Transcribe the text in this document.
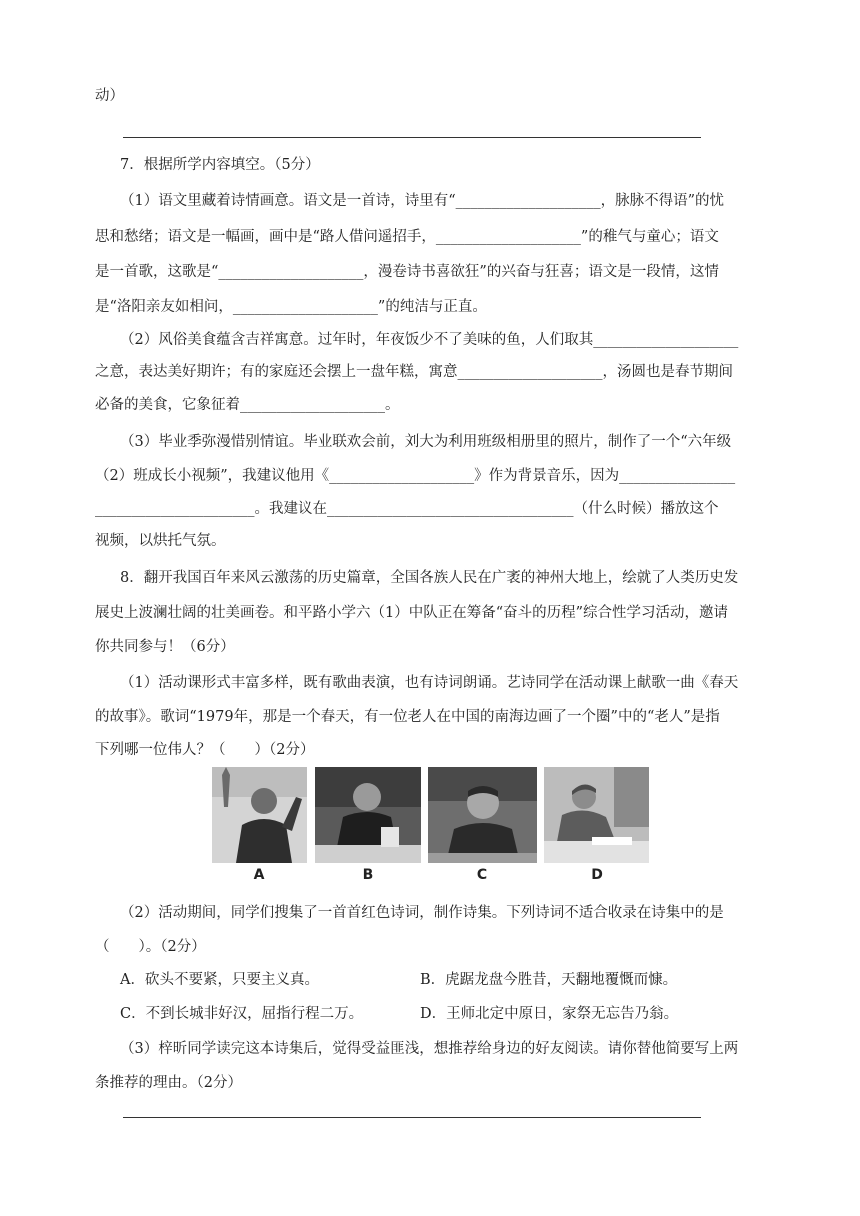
动）
7．根据所学内容填空。（5分）
（1）语文里藏着诗情画意。语文是一首诗，诗里有“____________________，脉脉不得语”的忧
思和愁绪；语文是一幅画，画中是“路人借问遥招手，____________________”的稚气与童心；语文
是一首歌，这歌是“____________________，漫卷诗书喜欲狂”的兴奋与狂喜；语文是一段情，这情
是“洛阳亲友如相问，____________________”的纯洁与正直。
（2）风俗美食蕴含吉祥寓意。过年时，年夜饭少不了美味的鱼，人们取其____________________
之意，表达美好期许；有的家庭还会摆上一盘年糕，寓意____________________，汤圆也是春节期间
必备的美食，它象征着____________________。
（3）毕业季弥漫惜别情谊。毕业联欢会前，刘大为利用班级相册里的照片，制作了一个“六年级
（2）班成长小视频”，我建议他用《____________________》作为背景音乐，因为________________
______________________。我建议在__________________________________（什么时候）播放这个
视频，以烘托气氛。
8．翻开我国百年来风云激荡的历史篇章，全国各族人民在广袤的神州大地上，绘就了人类历史发
展史上波澜壮阔的壮美画卷。和平路小学六（1）中队正在筹备“奋斗的历程”综合性学习活动，邀请
你共同参与！（6分）
（1）活动课形式丰富多样，既有歌曲表演，也有诗词朗诵。艺诗同学在活动课上献歌一曲《春天
的故事》。歌词“1979年，那是一个春天，有一位老人在中国的南海边画了一个圈”中的“老人”是指
下列哪一位伟人？（　　）（2分）
A	B	C	D
（2）活动期间，同学们搜集了一首首红色诗词，制作诗集。下列诗词不适合收录在诗集中的是
（　　）。（2分）
A．砍头不要紧，只要主义真。	B．虎踞龙盘今胜昔，天翻地覆慨而慷。
C．不到长城非好汉，屈指行程二万。	D．王师北定中原日，家祭无忘告乃翁。
（3）梓昕同学读完这本诗集后，觉得受益匪浅，想推荐给身边的好友阅读。请你替他简要写上两
条推荐的理由。（2分）
